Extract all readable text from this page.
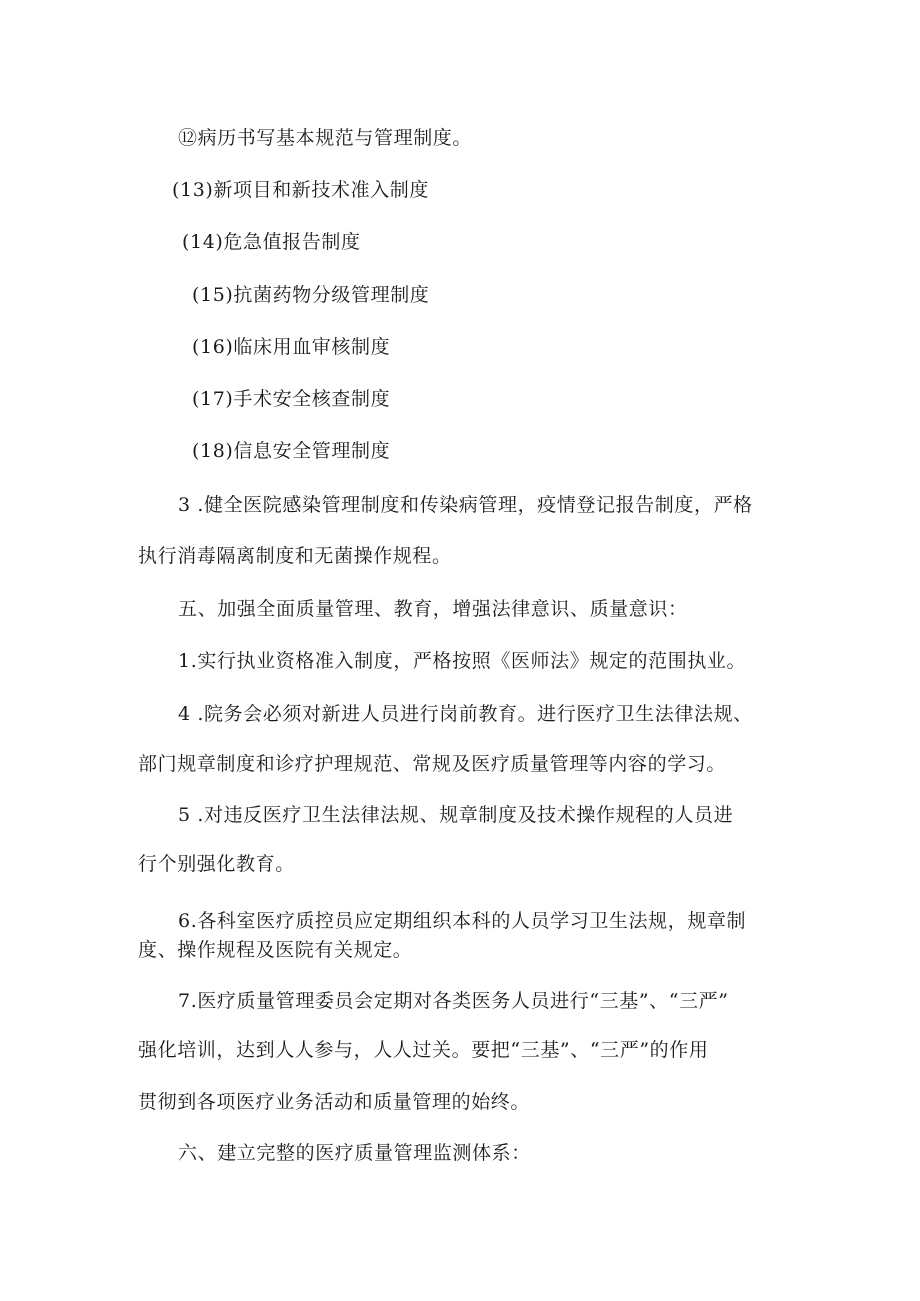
⑫病历书写基本规范与管理制度。
(13)新项目和新技术准入制度
(14)危急值报告制度
(15)抗菌药物分级管理制度
(16)临床用血审核制度
(17)手术安全核查制度
(18)信息安全管理制度
3 .健全医院感染管理制度和传染病管理，疫情登记报告制度，严格
执行消毒隔离制度和无菌操作规程。
五、加强全面质量管理、教育，增强法律意识、质量意识：
1.实行执业资格准入制度，严格按照《医师法》规定的范围执业。
4 .院务会必须对新进人员进行岗前教育。进行医疗卫生法律法规、
部门规章制度和诊疗护理规范、常规及医疗质量管理等内容的学习。
5 .对违反医疗卫生法律法规、规章制度及技术操作规程的人员进
行个别强化教育。
6.各科室医疗质控员应定期组织本科的人员学习卫生法规，规章制
度、操作规程及医院有关规定。
7.医疗质量管理委员会定期对各类医务人员进行“三基”、“三严”
强化培训，达到人人参与，人人过关。要把“三基”、“三严”的作用
贯彻到各项医疗业务活动和质量管理的始终。
六、建立完整的医疗质量管理监测体系：
